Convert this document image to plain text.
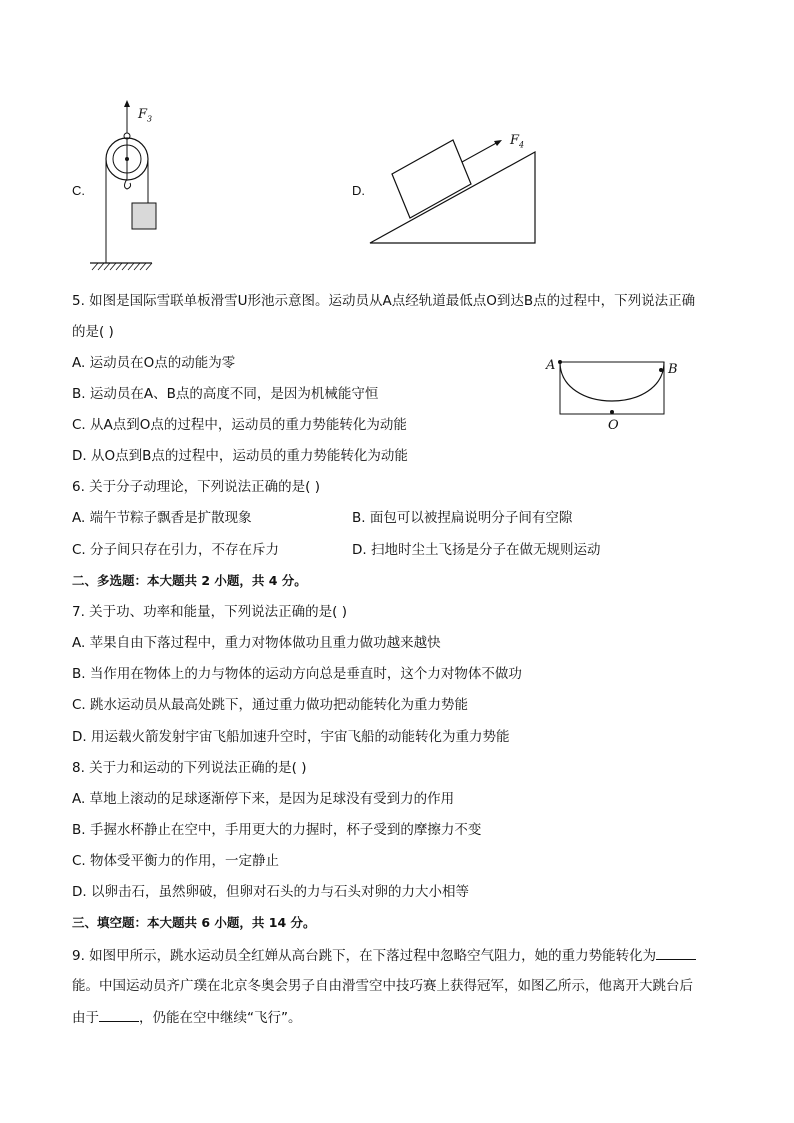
C.
$F_3$
D.
$F_4$
A	B
O
5. 如图是国际雪联单板滑雪U形池示意图。运动员从A点经轨道最低点O到达B点的过程中，下列说法正确
的是( )
A. 运动员在O点的动能为零
B. 运动员在A、B点的高度不同，是因为机械能守恒
C. 从A点到O点的过程中，运动员的重力势能转化为动能
D. 从O点到B点的过程中，运动员的重力势能转化为动能
6. 关于分子动理论，下列说法正确的是( )
A. 端午节粽子飘香是扩散现象	B. 面包可以被捏扁说明分子间有空隙
C. 分子间只存在引力，不存在斥力	D. 扫地时尘土飞扬是分子在做无规则运动
二、多选题：本大题共 2 小题，共 4 分。
7. 关于功、功率和能量，下列说法正确的是( )
A. 苹果自由下落过程中，重力对物体做功且重力做功越来越快
B. 当作用在物体上的力与物体的运动方向总是垂直时，这个力对物体不做功
C. 跳水运动员从最高处跳下，通过重力做功把动能转化为重力势能
D. 用运载火箭发射宇宙飞船加速升空时，宇宙飞船的动能转化为重力势能
8. 关于力和运动的下列说法正确的是( )
A. 草地上滚动的足球逐渐停下来，是因为足球没有受到力的作用
B. 手握水杯静止在空中，手用更大的力握时，杯子受到的摩擦力不变
C. 物体受平衡力的作用，一定静止
D. 以卵击石，虽然卵破，但卵对石头的力与石头对卵的力大小相等
三、填空题：本大题共 6 小题，共 14 分。
9. 如图甲所示，跳水运动员全红婵从高台跳下，在下落过程中忽略空气阻力，她的重力势能转化为
能。中国运动员齐广璞在北京冬奥会男子自由滑雪空中技巧赛上获得冠军，如图乙所示，他离开大跳台后
由于	，仍能在空中继续“飞行”。
